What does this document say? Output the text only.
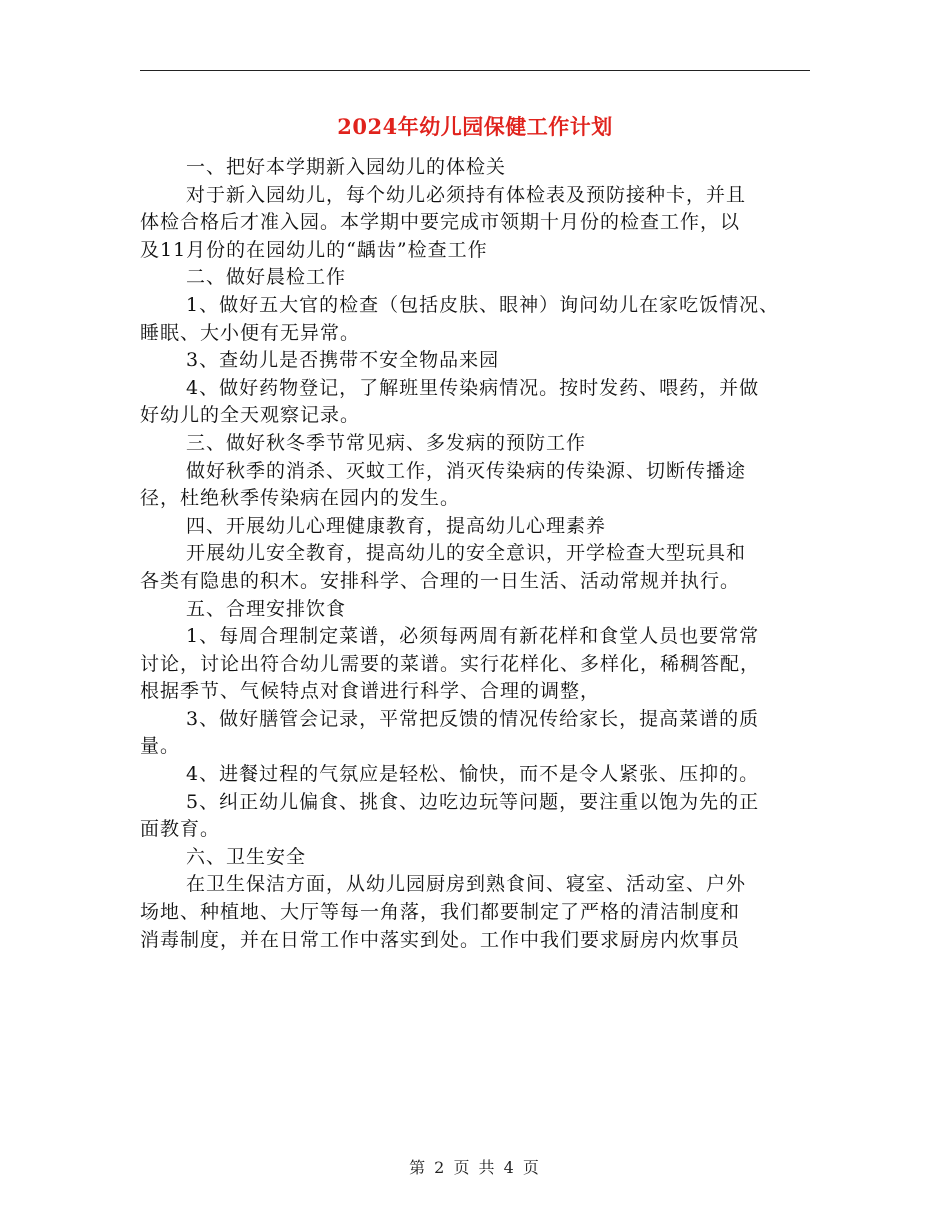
2024年幼儿园保健工作计划
一、把好本学期新入园幼儿的体检关
对于新入园幼儿，每个幼儿必须持有体检表及预防接种卡，并且
体检合格后才准入园。本学期中要完成市领期十月份的检查工作，以
及11月份的在园幼儿的“龋齿”检查工作
二、做好晨检工作
1、做好五大官的检查（包括皮肤、眼神）询问幼儿在家吃饭情况、
睡眠、大小便有无异常。
3、查幼儿是否携带不安全物品来园
4、做好药物登记，了解班里传染病情况。按时发药、喂药，并做
好幼儿的全天观察记录。
三、做好秋冬季节常见病、多发病的预防工作
做好秋季的消杀、灭蚊工作，消灭传染病的传染源、切断传播途
径，杜绝秋季传染病在园内的发生。
四、开展幼儿心理健康教育，提高幼儿心理素养
开展幼儿安全教育，提高幼儿的安全意识，开学检查大型玩具和
各类有隐患的积木。安排科学、合理的一日生活、活动常规并执行。
五、合理安排饮食
1、每周合理制定菜谱，必须每两周有新花样和食堂人员也要常常
讨论，讨论出符合幼儿需要的菜谱。实行花样化、多样化，稀稠答配，
根据季节、气候特点对食谱进行科学、合理的调整，
3、做好膳管会记录，平常把反馈的情况传给家长，提高菜谱的质
量。
4、进餐过程的气氛应是轻松、愉快，而不是令人紧张、压抑的。
5、纠正幼儿偏食、挑食、边吃边玩等问题，要注重以饱为先的正
面教育。
六、卫生安全
在卫生保洁方面，从幼儿园厨房到熟食间、寝室、活动室、户外
场地、种植地、大厅等每一角落，我们都要制定了严格的清洁制度和
消毒制度，并在日常工作中落实到处。工作中我们要求厨房内炊事员
第 2 页 共 4 页
